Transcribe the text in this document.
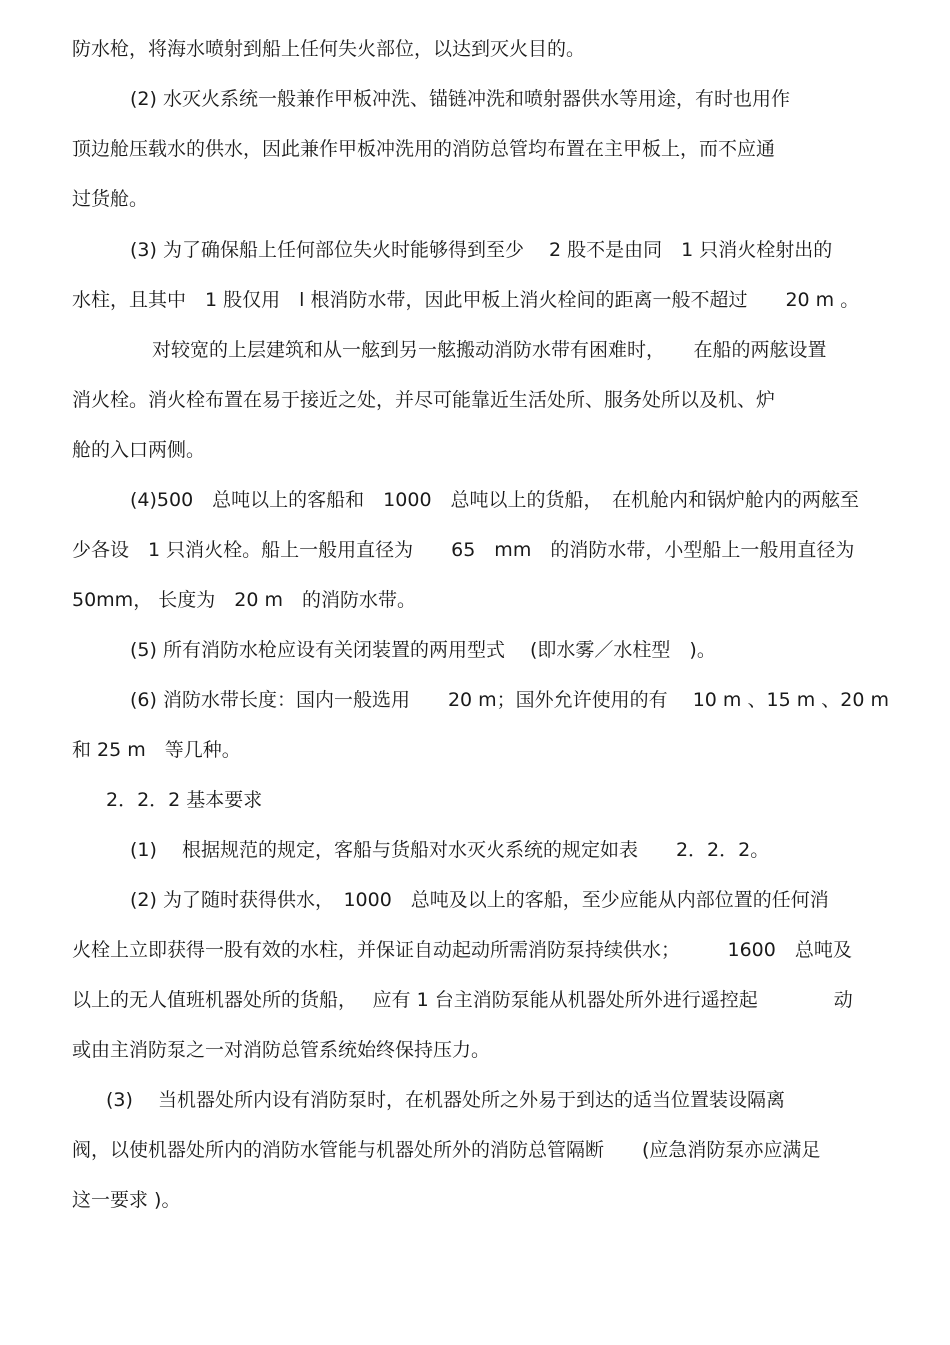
防水枪，将海水喷射到船上任何失火部位，以达到灭火目的。
(2) 水灭火系统一般兼作甲板冲洗、锚链冲洗和喷射器供水等用途，有时也用作
顶边舱压载水的供水，因此兼作甲板冲洗用的消防总管均布置在主甲板上，而不应通
过货舱。
(3) 为了确保船上任何部位失火时能够得到至少　 2 股不是由同　1 只消火栓射出的
水柱，且其中　1 股仅用　l 根消防水带，因此甲板上消火栓间的距离一般不超过　　20 m 。
对较宽的上层建筑和从一舷到另一舷搬动消防水带有困难时，　　在船的两舷设置
消火栓。消火栓布置在易于接近之处，并尽可能靠近生活处所、服务处所以及机、炉
舱的入口两侧。
(4)500　总吨以上的客船和　1000　总吨以上的货船，　在机舱内和锅炉舱内的两舷至
少各设　1 只消火栓。船上一般用直径为　　65　mm　的消防水带，小型船上一般用直径为
50mm， 长度为　20 m　的消防水带。
(5) 所有消防水枪应设有关闭装置的两用型式　 (即水雾／水柱型　)。
(6) 消防水带长度：国内一般选用　　20 m；国外允许使用的有　 10 m 、15 m 、20 m
和 25 m　等几种。
2．2．2 基本要求
(1)　 根据规范的规定，客船与货船对水灭火系统的规定如表　　2．2．2。
(2) 为了随时获得供水，　1000　总吨及以上的客船，至少应能从内部位置的任何消
火栓上立即获得一股有效的水柱，并保证自动起动所需消防泵持续供水；　　　1600　总吨及
以上的无人值班机器处所的货船，　 应有 1 台主消防泵能从机器处所外进行遥控起　　　　动
或由主消防泵之一对消防总管系统始终保持压力。
(3)　 当机器处所内设有消防泵时，在机器处所之外易于到达的适当位置装设隔离
阀，以使机器处所内的消防水管能与机器处所外的消防总管隔断　　(应急消防泵亦应满足
这一要求 )。
